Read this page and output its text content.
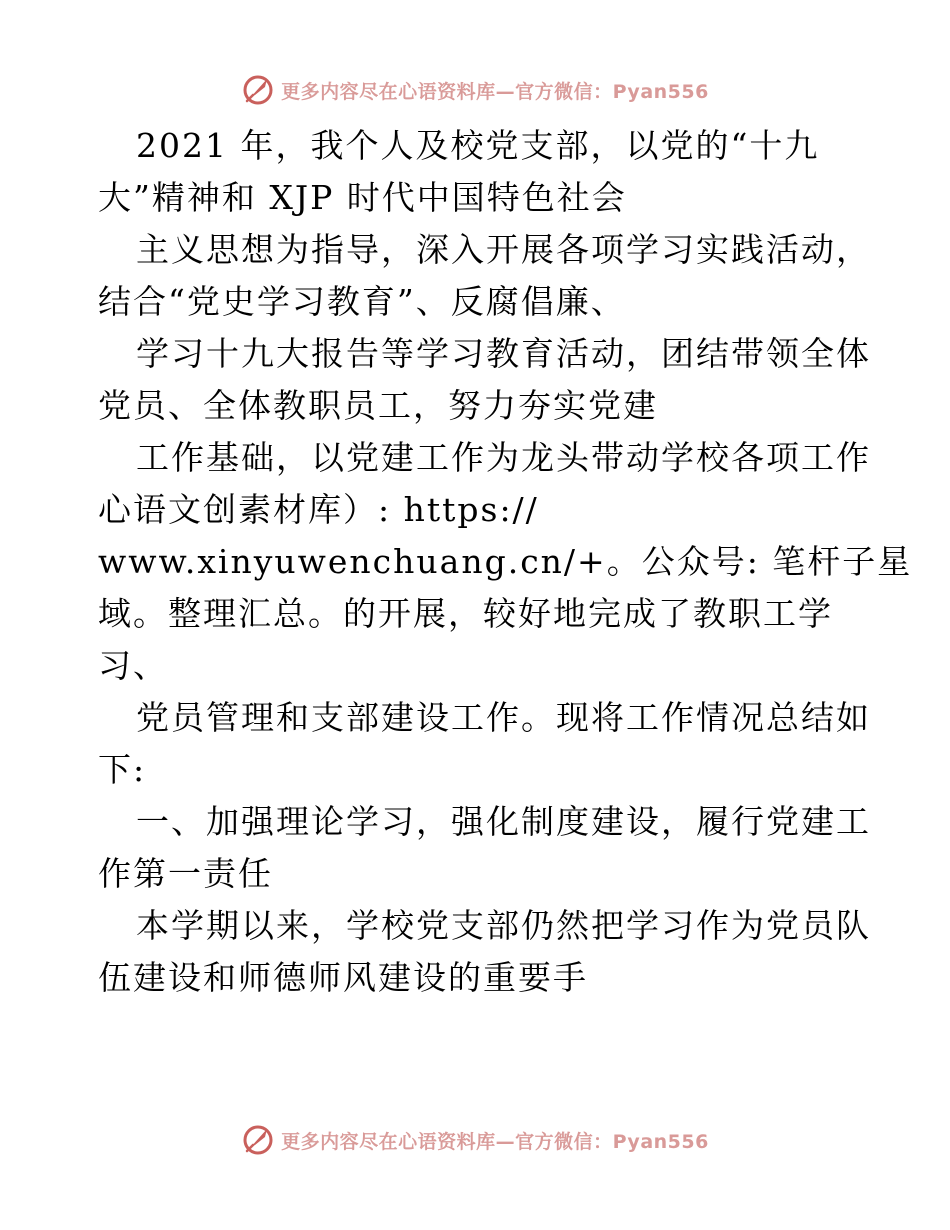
更多内容尽在心语资料库—官方微信：Pyan556

2021 年，我个人及校党支部，以党的“十九

大”精神和 XJP 时代中国特色社会

主义思想为指导，深入开展各项学习实践活动，

结合“党史学习教育”、反腐倡廉、

学习十九大报告等学习教育活动，团结带领全体

党员、全体教职员工，努力夯实党建

工作基础，以党建工作为龙头带动学校各项工作

心语文创素材库）: https://

www.xinyuwenchuang.cn/+。公众号: 笔杆子星

域。整理汇总。的开展，较好地完成了教职工学

习、

党员管理和支部建设工作。现将工作情况总结如

下:

一、加强理论学习，强化制度建设，履行党建工

作第一责任

本学期以来，学校党支部仍然把学习作为党员队

伍建设和师德师风建设的重要手

更多内容尽在心语资料库—官方微信：Pyan556
